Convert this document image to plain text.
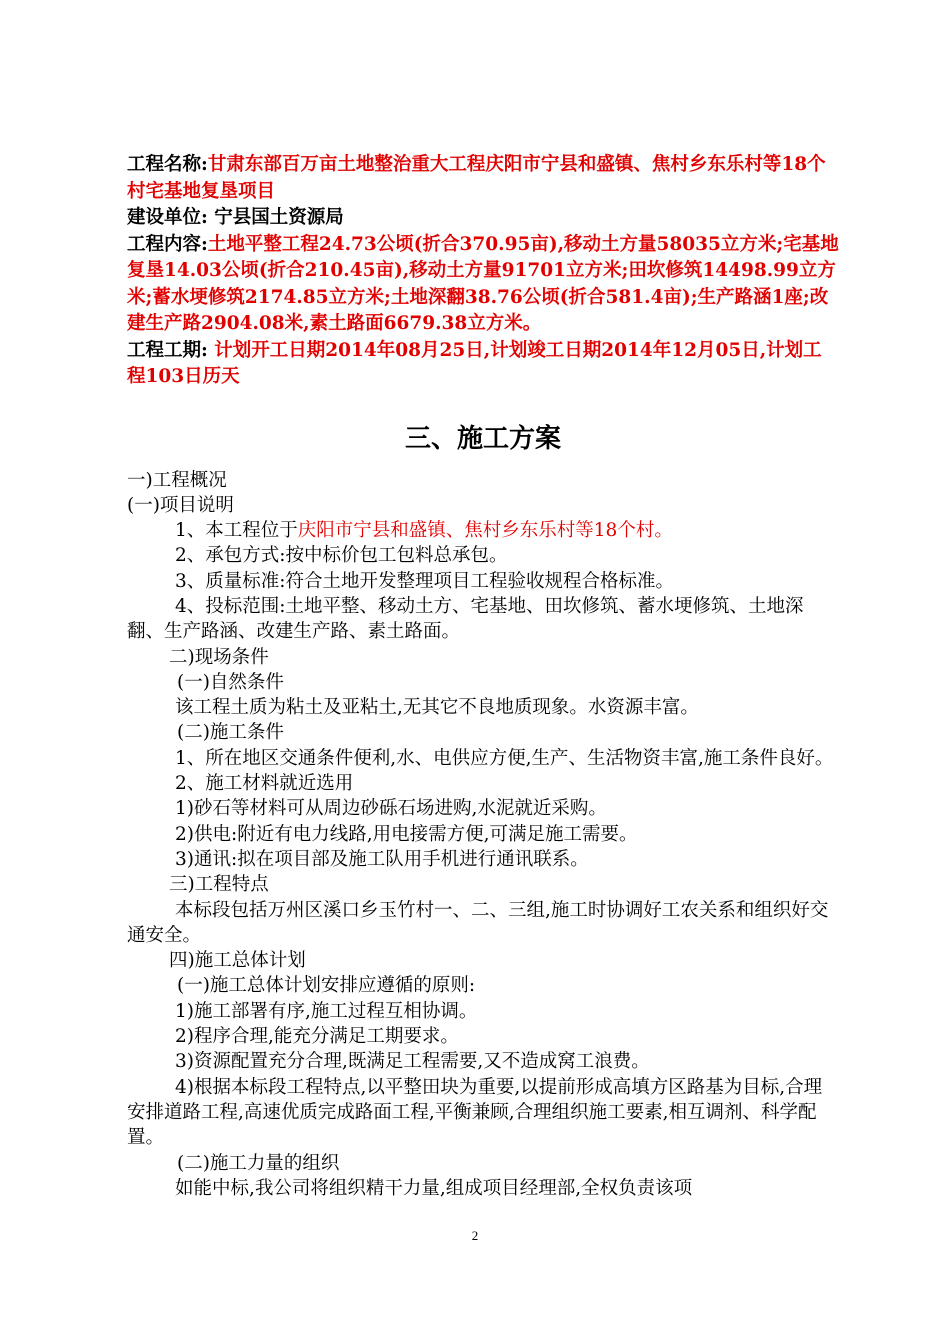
工程名称:甘肃东部百万亩土地整治重大工程庆阳市宁县和盛镇、焦村乡东乐村等18个村宅基地复垦项目
建设单位: 宁县国土资源局
工程内容:土地平整工程24.73公顷(折合370.95亩),移动土方量58035立方米;宅基地复垦14.03公顷(折合210.45亩),移动土方量91701立方米;田坎修筑14498.99立方米;蓄水埂修筑2174.85立方米;土地深翻38.76公顷(折合581.4亩);生产路涵1座;改建生产路2904.08米,素土路面6679.38立方米。
工程工期: 计划开工日期2014年08月25日,计划竣工日期2014年12月05日,计划工程103日历天
三、施工方案

一)工程概况

(一)项目说明

1、本工程位于庆阳市宁县和盛镇、焦村乡东乐村等18个村。

2、承包方式:按中标价包工包料总承包。

3、质量标准:符合土地开发整理项目工程验收规程合格标准。

4、投标范围:土地平整、移动土方、宅基地、田坎修筑、蓄水埂修筑、土地深翻、生产路涵、改建生产路、素土路面。

二)现场条件

(一)自然条件

该工程土质为粘土及亚粘土,无其它不良地质现象。水资源丰富。

(二)施工条件

1、所在地区交通条件便利,水、电供应方便,生产、生活物资丰富,施工条件良好。

2、施工材料就近选用

1)砂石等材料可从周边砂砾石场进购,水泥就近采购。

2)供电:附近有电力线路,用电接需方便,可满足施工需要。

3)通讯:拟在项目部及施工队用手机进行通讯联系。

三)工程特点

本标段包括万州区溪口乡玉竹村一、二、三组,施工时协调好工农关系和组织好交通安全。

四)施工总体计划

(一)施工总体计划安排应遵循的原则:

1)施工部署有序,施工过程互相协调。

2)程序合理,能充分满足工期要求。

3)资源配置充分合理,既满足工程需要,又不造成窝工浪费。

4)根据本标段工程特点,以平整田块为重要,以提前形成高填方区路基为目标,合理安排道路工程,高速优质完成路面工程,平衡兼顾,合理组织施工要素,相互调剂、科学配置。

(二)施工力量的组织

如能中标,我公司将组织精干力量,组成项目经理部,全权负责该项

2
